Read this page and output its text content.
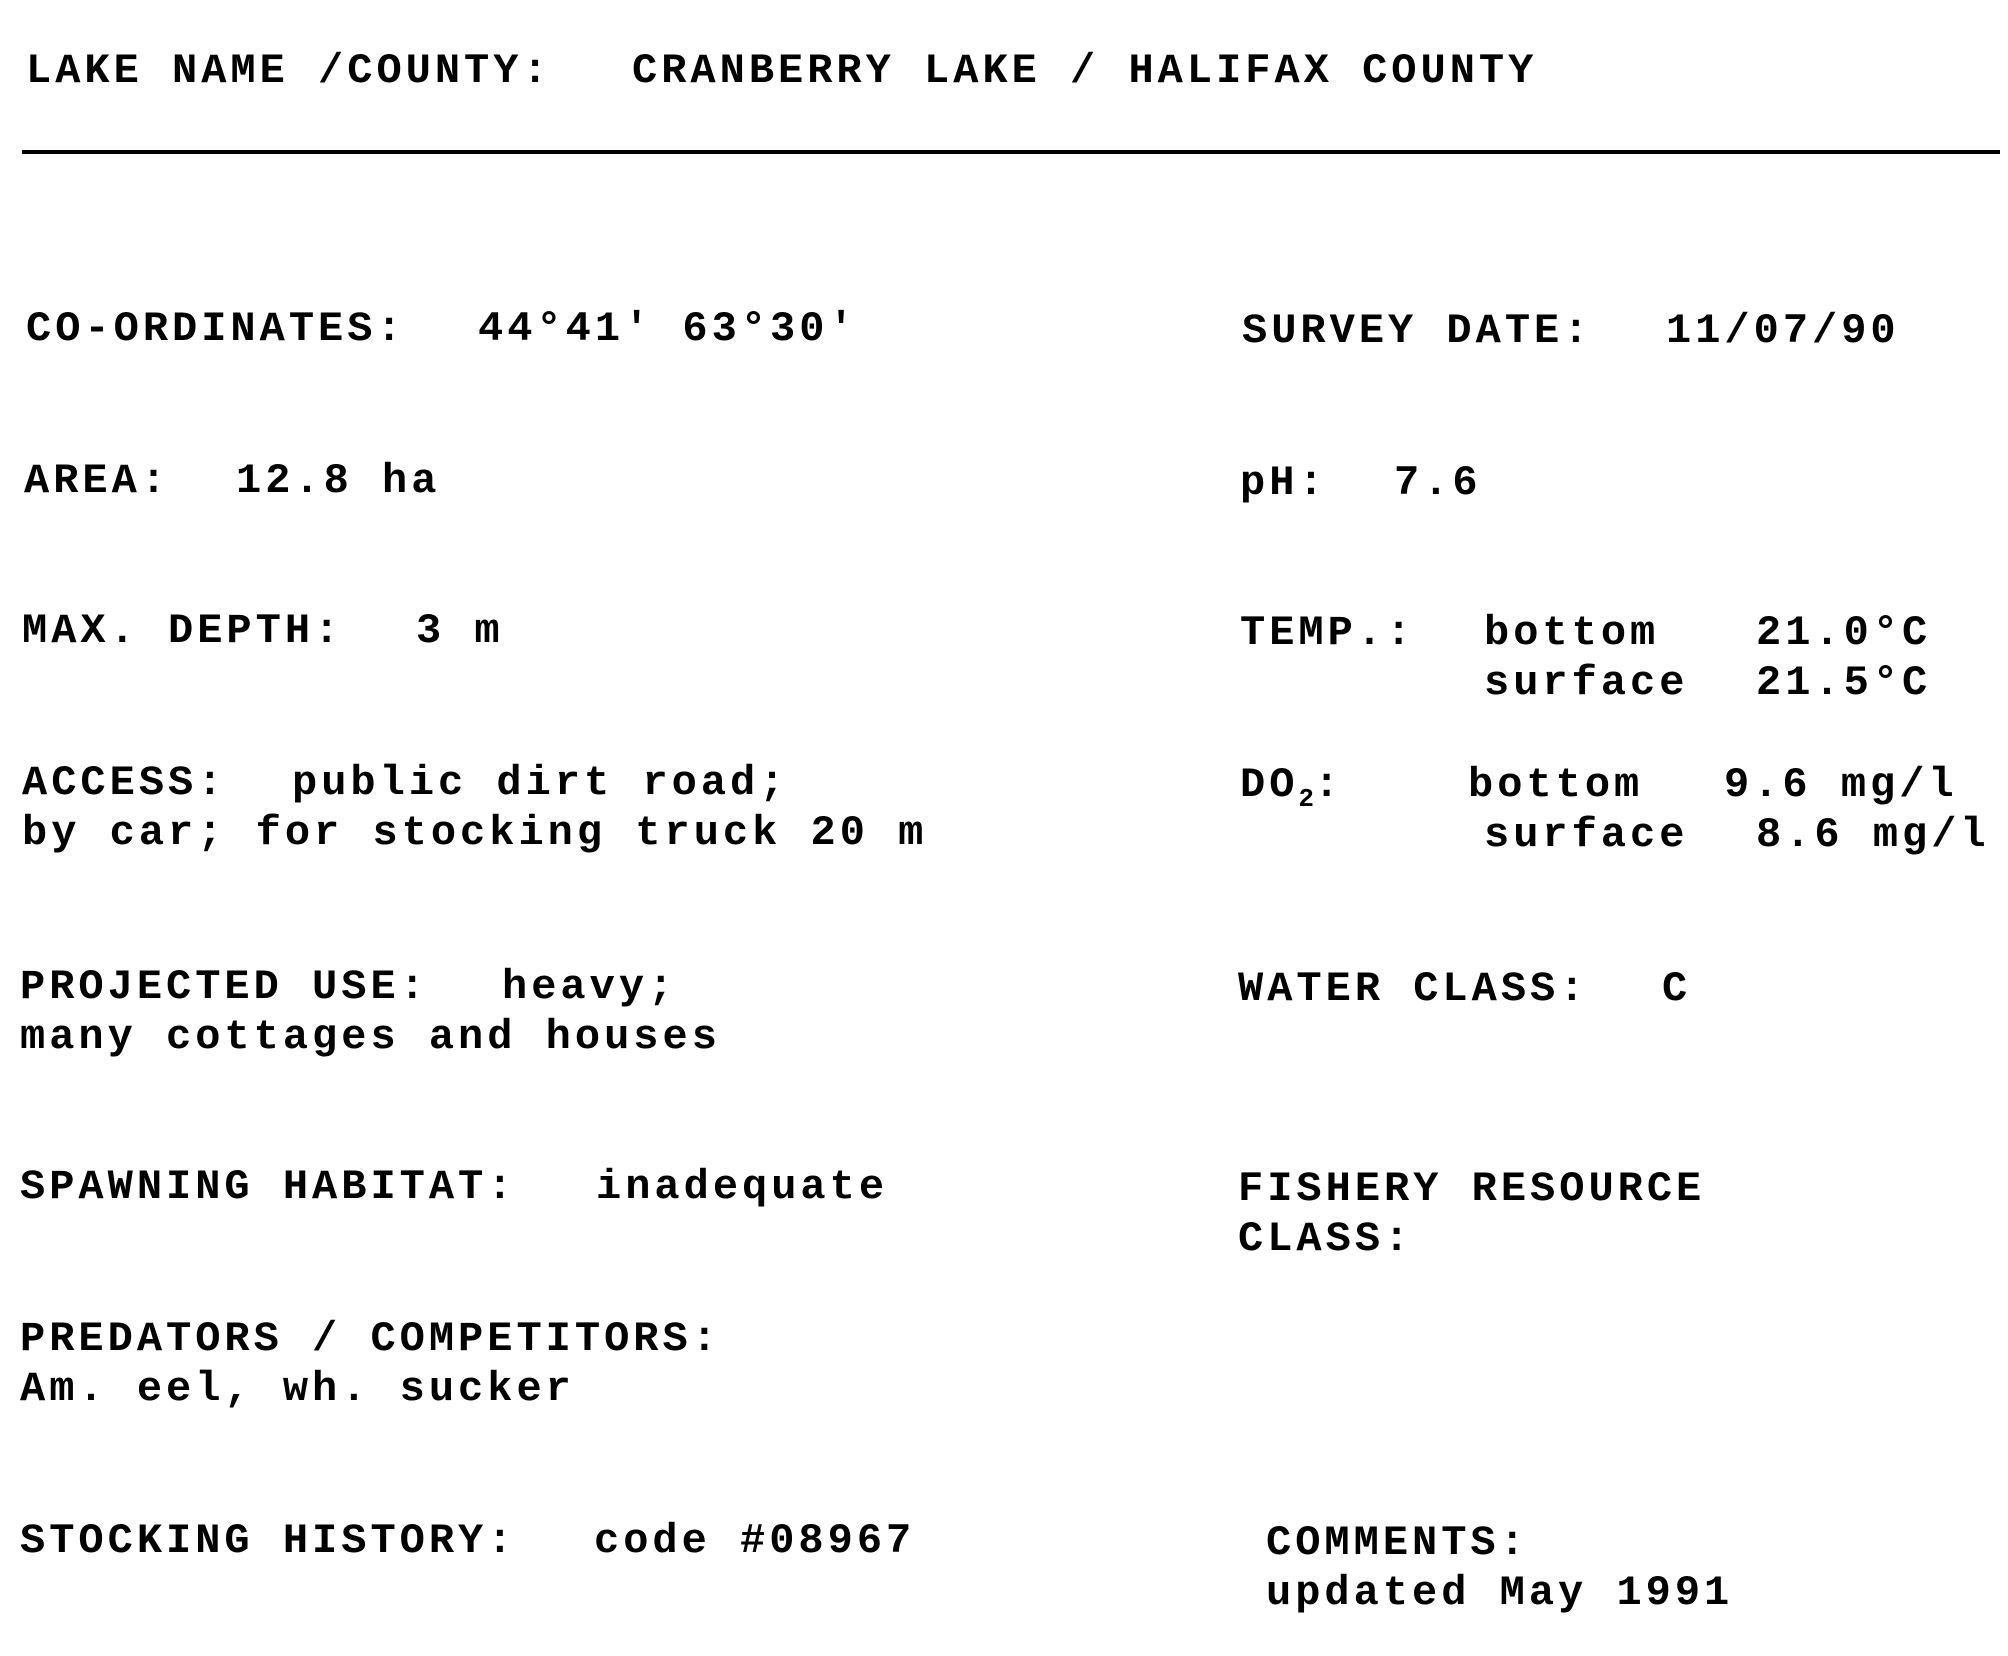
LAKE NAME /COUNTY: CRANBERRY LAKE / HALIFAX COUNTY
CO-ORDINATES: 44°41' 63°30'	SURVEY DATE: 11/07/90
AREA: 12.8 ha	pH: 7.6
MAX. DEPTH: 3 m	TEMP.: bottom 21.0°C
surface 21.5°C
ACCESS: public dirt road;
by car; for stocking truck 20 m
$DO_2$:	bottom 9.6 mg/l
surface 8.6 mg/l
PROJECTED USE: heavy;
many cottages and houses
WATER CLASS: C
SPAWNING HABITAT: inadequate	FISHERY RESOURCE
CLASS:
PREDATORS / COMPETITORS:
Am. eel, wh. sucker
STOCKING HISTORY: code #08967	COMMENTS:
updated May 1991
